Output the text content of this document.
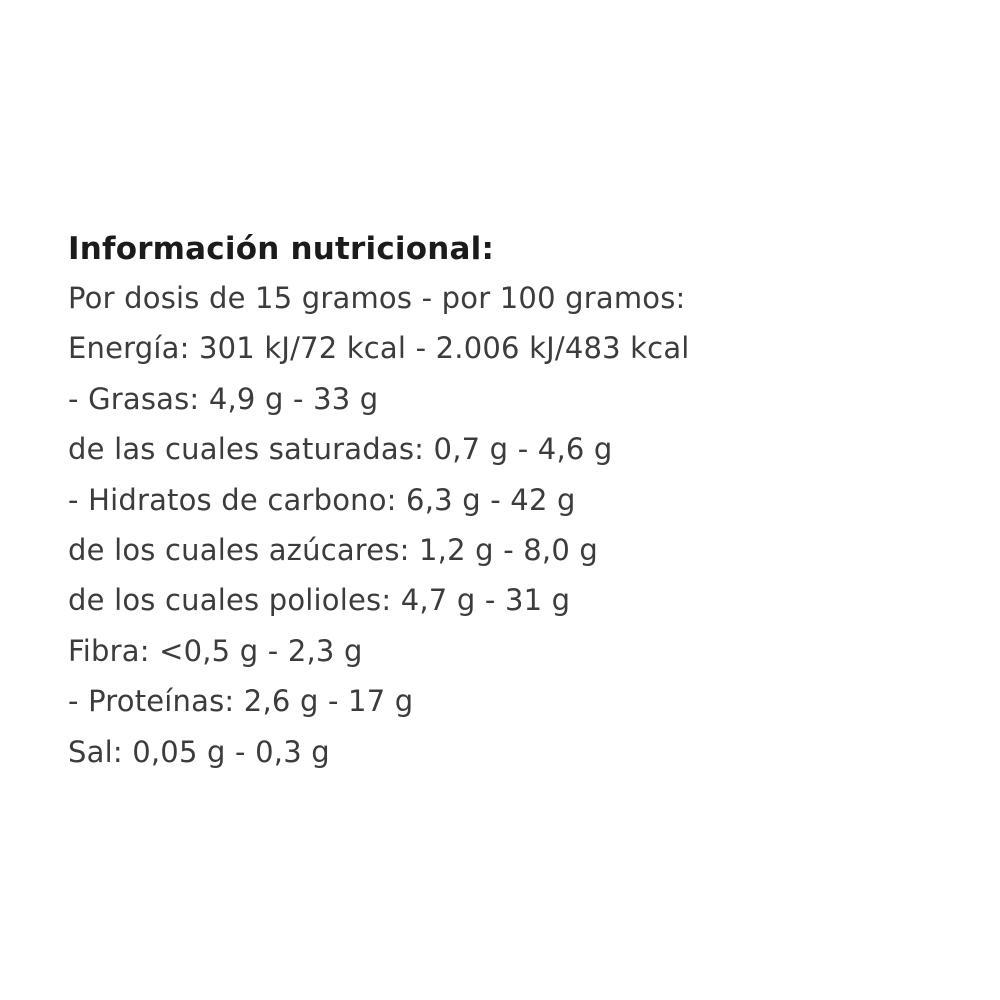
Información nutricional:

Por dosis de 15 gramos - por 100 gramos:

Energía: 301 kJ/72 kcal - 2.006 kJ/483 kcal

- Grasas: 4,9 g - 33 g

de las cuales saturadas: 0,7 g - 4,6 g

- Hidratos de carbono: 6,3 g - 42 g

de los cuales azúcares: 1,2 g - 8,0 g

de los cuales polioles: 4,7 g - 31 g

Fibra: <0,5 g - 2,3 g

- Proteínas: 2,6 g - 17 g

Sal: 0,05 g - 0,3 g
